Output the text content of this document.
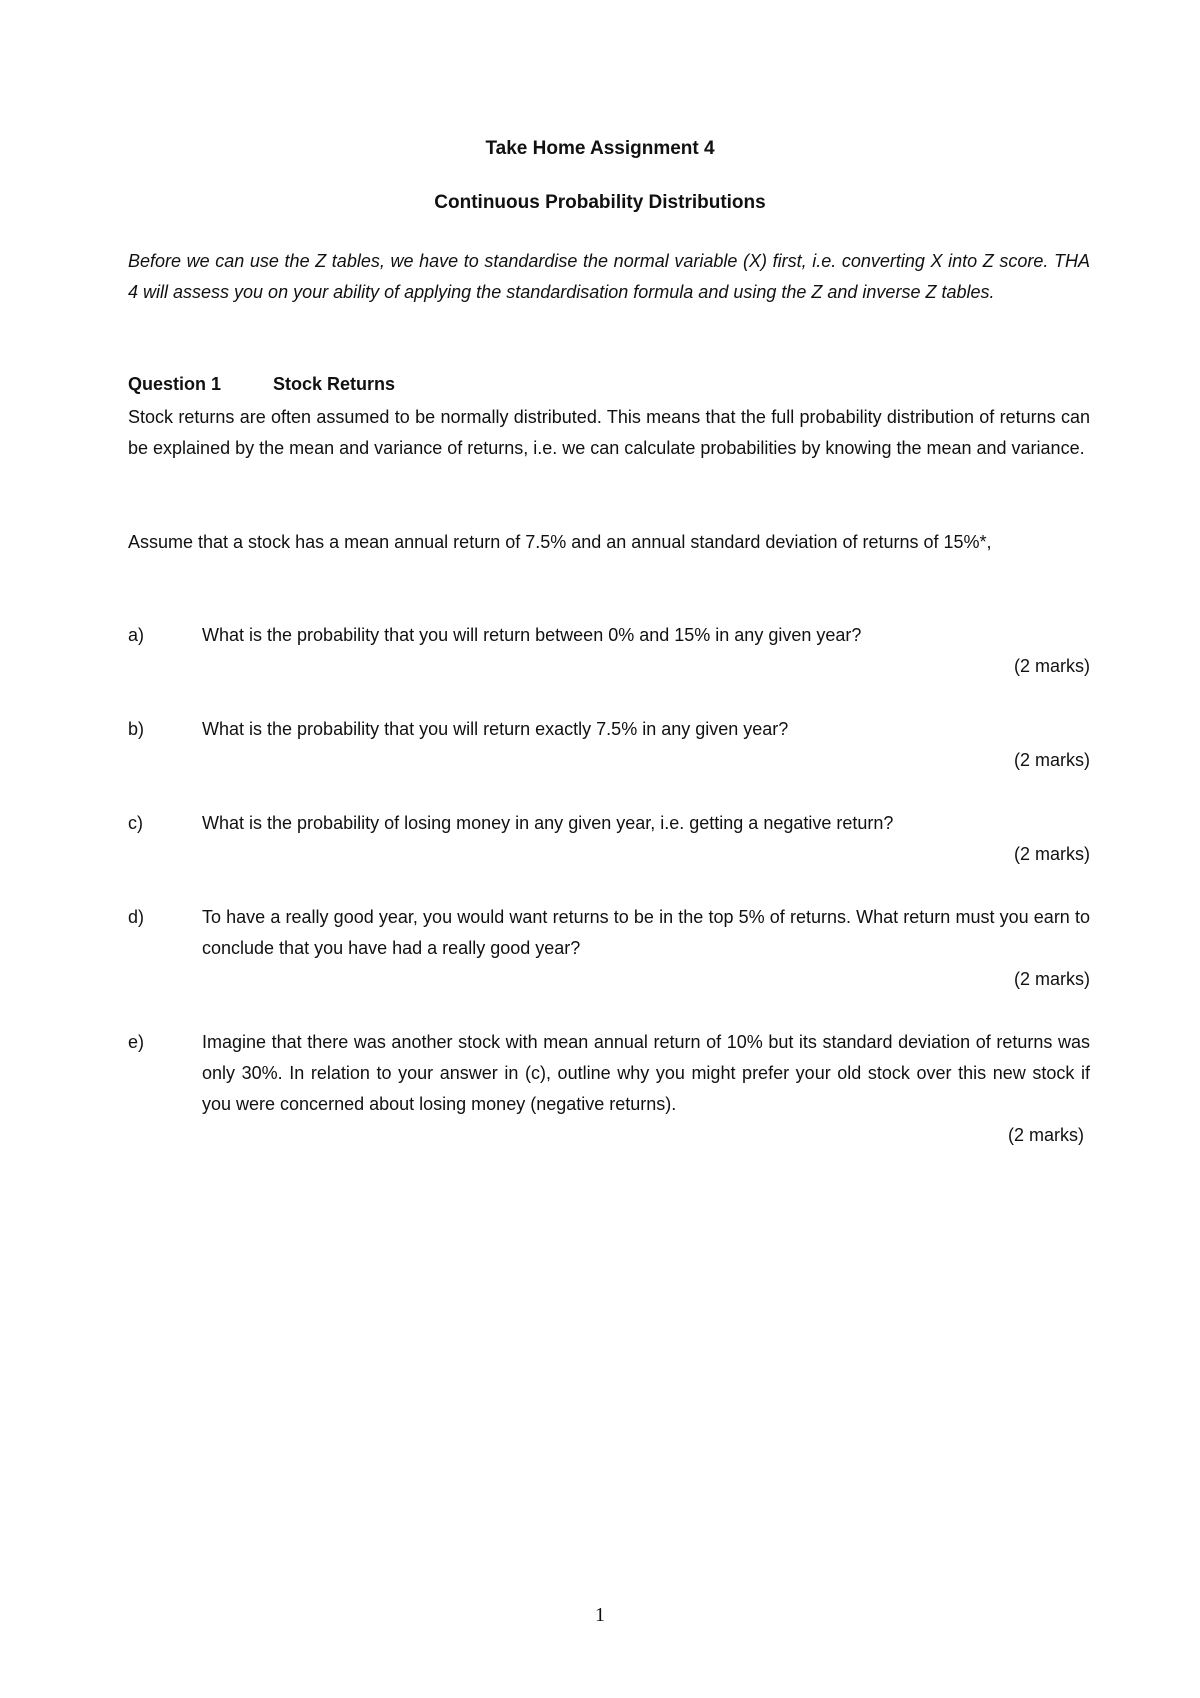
Take Home Assignment 4
Continuous Probability Distributions
Before we can use the Z tables, we have to standardise the normal variable (X) first, i.e. converting X into Z score. THA 4 will assess you on your ability of applying the standardisation formula and using the Z and inverse Z tables.
Question 1	Stock Returns
Stock returns are often assumed to be normally distributed. This means that the full probability distribution of returns can be explained by the mean and variance of returns, i.e. we can calculate probabilities by knowing the mean and variance.
Assume that a stock has a mean annual return of 7.5% and an annual standard deviation of returns of 15%*,
a)	What is the probability that you will return between 0% and 15% in any given year?
(2 marks)
b)	What is the probability that you will return exactly 7.5% in any given year?
(2 marks)
c)	What is the probability of losing money in any given year, i.e. getting a negative return?
(2 marks)
d)	To have a really good year, you would want returns to be in the top 5% of returns. What return must you earn to conclude that you have had a really good year?
(2 marks)
e)	Imagine that there was another stock with mean annual return of 10% but its standard deviation of returns was only 30%. In relation to your answer in (c), outline why you might prefer your old stock over this new stock if you were concerned about losing money (negative returns).
(2 marks)
1
